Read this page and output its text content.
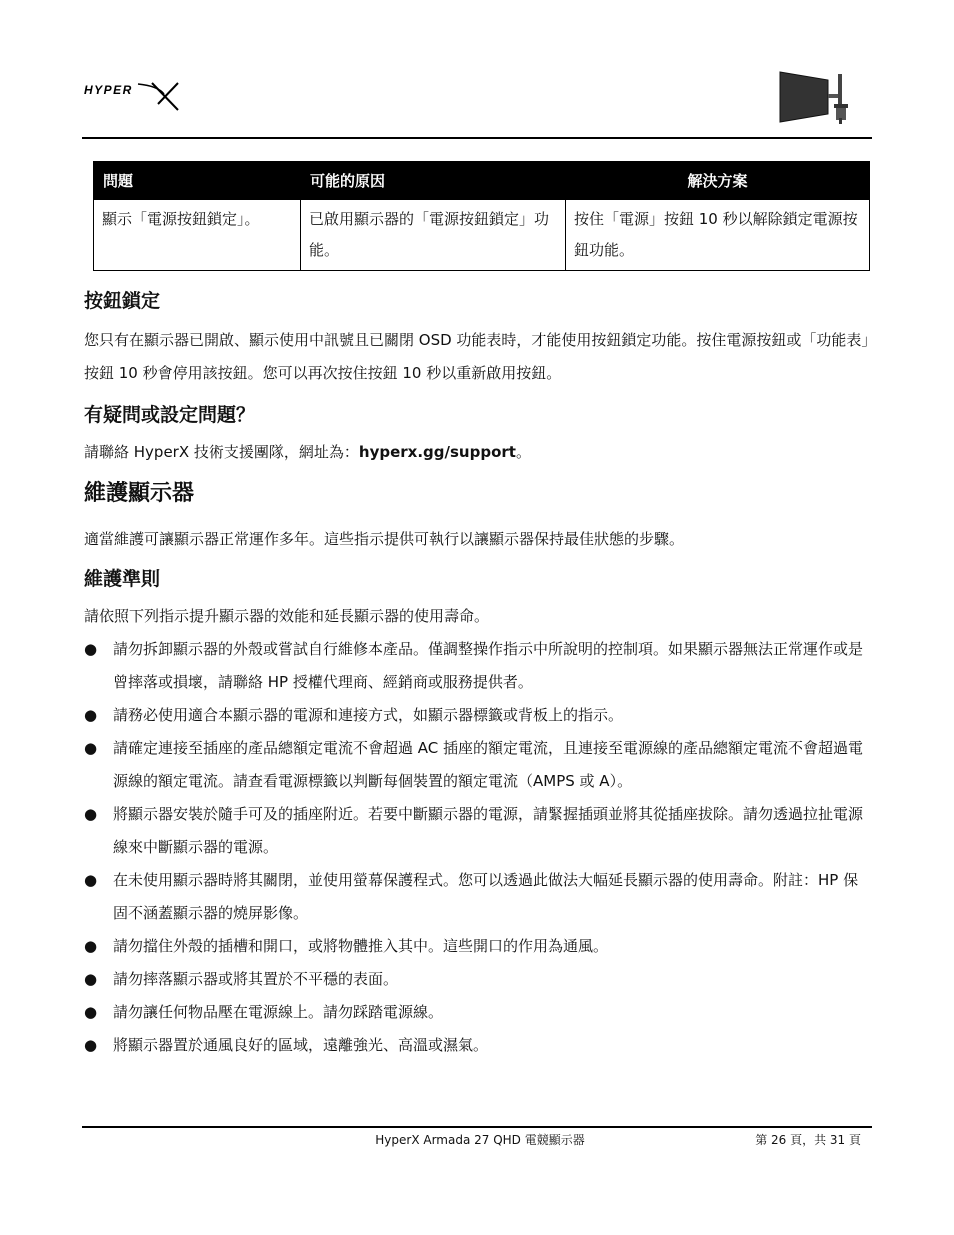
HYPER
問題	可能的原因	解決方案
顯示「電源按鈕鎖定」。	已啟用顯示器的「電源按鈕鎖定」功能。	按住「電源」按鈕 10 秒以解除鎖定電源按鈕功能。
按鈕鎖定

您只有在顯示器已開啟、顯示使用中訊號且已關閉 OSD 功能表時，才能使用按鈕鎖定功能。按住電源按鈕或「功能表」按鈕 10 秒會停用該按鈕。您可以再次按住按鈕 10 秒以重新啟用按鈕。

有疑問或設定問題？

請聯絡 HyperX 技術支援團隊，網址為：hyperx.gg/support。

維護顯示器

適當維護可讓顯示器正常運作多年。這些指示提供可執行以讓顯示器保持最佳狀態的步驟。

維護準則

請依照下列指示提升顯示器的效能和延長顯示器的使用壽命。

● 請勿拆卸顯示器的外殼或嘗試自行維修本產品。僅調整操作指示中所說明的控制項。如果顯示器無法正常運作或是曾摔落或損壞，請聯絡 HP 授權代理商、經銷商或服務提供者。
● 請務必使用適合本顯示器的電源和連接方式，如顯示器標籤或背板上的指示。
● 請確定連接至插座的產品總額定電流不會超過 AC 插座的額定電流，且連接至電源線的產品總額定電流不會超過電源線的額定電流。請查看電源標籤以判斷每個裝置的額定電流（AMPS 或 A）。
● 將顯示器安裝於隨手可及的插座附近。若要中斷顯示器的電源，請緊握插頭並將其從插座拔除。請勿透過拉扯電源線來中斷顯示器的電源。
● 在未使用顯示器時將其關閉，並使用螢幕保護程式。您可以透過此做法大幅延長顯示器的使用壽命。附註：HP 保固不涵蓋顯示器的燒屏影像。
● 請勿擋住外殼的插槽和開口，或將物體推入其中。這些開口的作用為通風。
● 請勿摔落顯示器或將其置於不平穩的表面。
● 請勿讓任何物品壓在電源線上。請勿踩踏電源線。
● 將顯示器置於通風良好的區域，遠離強光、高溫或濕氣。
HyperX Armada 27 QHD 電競顯示器	第 26 頁，共 31 頁
